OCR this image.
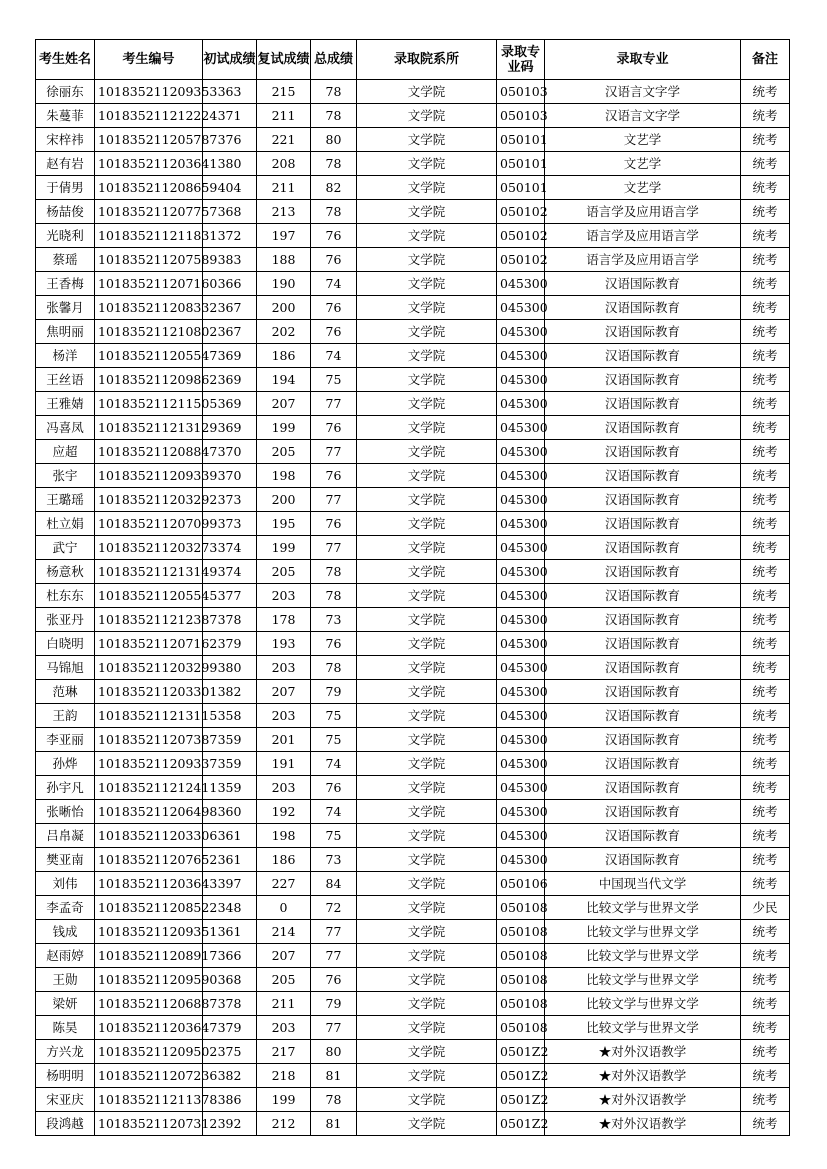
考生姓名	考生编号	初试成绩	复试成绩	总成绩	录取院系所	录取专业码	录取专业	备注
徐丽东	101835211209353	363	215	78	文学院	050103	汉语言文字学	统考
朱蔓菲	101835211212224	371	211	78	文学院	050103	汉语言文字学	统考
宋梓祎	101835211205787	376	221	80	文学院	050101	文艺学	统考
赵有岩	101835211203641	380	208	78	文学院	050101	文艺学	统考
于倩男	101835211208659	404	211	82	文学院	050101	文艺学	统考
杨喆俊	101835211207757	368	213	78	文学院	050102	语言学及应用语言学	统考
光晓利	101835211211831	372	197	76	文学院	050102	语言学及应用语言学	统考
蔡瑶	101835211207589	383	188	76	文学院	050102	语言学及应用语言学	统考
王香梅	101835211207160	366	190	74	文学院	045300	汉语国际教育	统考
张馨月	101835211208332	367	200	76	文学院	045300	汉语国际教育	统考
焦明丽	101835211210802	367	202	76	文学院	045300	汉语国际教育	统考
杨洋	101835211205547	369	186	74	文学院	045300	汉语国际教育	统考
王丝语	101835211209862	369	194	75	文学院	045300	汉语国际教育	统考
王雅婧	101835211211505	369	207	77	文学院	045300	汉语国际教育	统考
冯喜凤	101835211213129	369	199	76	文学院	045300	汉语国际教育	统考
应超	101835211208847	370	205	77	文学院	045300	汉语国际教育	统考
张宇	101835211209339	370	198	76	文学院	045300	汉语国际教育	统考
王璐瑶	101835211203292	373	200	77	文学院	045300	汉语国际教育	统考
杜立娟	101835211207099	373	195	76	文学院	045300	汉语国际教育	统考
武宁	101835211203273	374	199	77	文学院	045300	汉语国际教育	统考
杨意秋	101835211213149	374	205	78	文学院	045300	汉语国际教育	统考
杜东东	101835211205545	377	203	78	文学院	045300	汉语国际教育	统考
张亚丹	101835211212387	378	178	73	文学院	045300	汉语国际教育	统考
白晓明	101835211207162	379	193	76	文学院	045300	汉语国际教育	统考
马锦旭	101835211203299	380	203	78	文学院	045300	汉语国际教育	统考
范琳	101835211203301	382	207	79	文学院	045300	汉语国际教育	统考
王韵	101835211213115	358	203	75	文学院	045300	汉语国际教育	统考
李亚丽	101835211207387	359	201	75	文学院	045300	汉语国际教育	统考
孙烨	101835211209337	359	191	74	文学院	045300	汉语国际教育	统考
孙宇凡	101835211212411	359	203	76	文学院	045300	汉语国际教育	统考
张晰怡	101835211206498	360	192	74	文学院	045300	汉语国际教育	统考
吕帛凝	101835211203306	361	198	75	文学院	045300	汉语国际教育	统考
樊亚南	101835211207652	361	186	73	文学院	045300	汉语国际教育	统考
刘伟	101835211203643	397	227	84	文学院	050106	中国现当代文学	统考
李孟奇	101835211208522	348	0	72	文学院	050108	比较文学与世界文学	少民
钱成	101835211209351	361	214	77	文学院	050108	比较文学与世界文学	统考
赵雨婷	101835211208917	366	207	77	文学院	050108	比较文学与世界文学	统考
王勋	101835211209590	368	205	76	文学院	050108	比较文学与世界文学	统考
梁妍	101835211206887	378	211	79	文学院	050108	比较文学与世界文学	统考
陈昊	101835211203647	379	203	77	文学院	050108	比较文学与世界文学	统考
方兴龙	101835211209502	375	217	80	文学院	0501Z2	★对外汉语教学	统考
杨明明	101835211207236	382	218	81	文学院	0501Z2	★对外汉语教学	统考
宋亚庆	101835211211378	386	199	78	文学院	0501Z2	★对外汉语教学	统考
段鸿越	101835211207312	392	212	81	文学院	0501Z2	★对外汉语教学	统考
